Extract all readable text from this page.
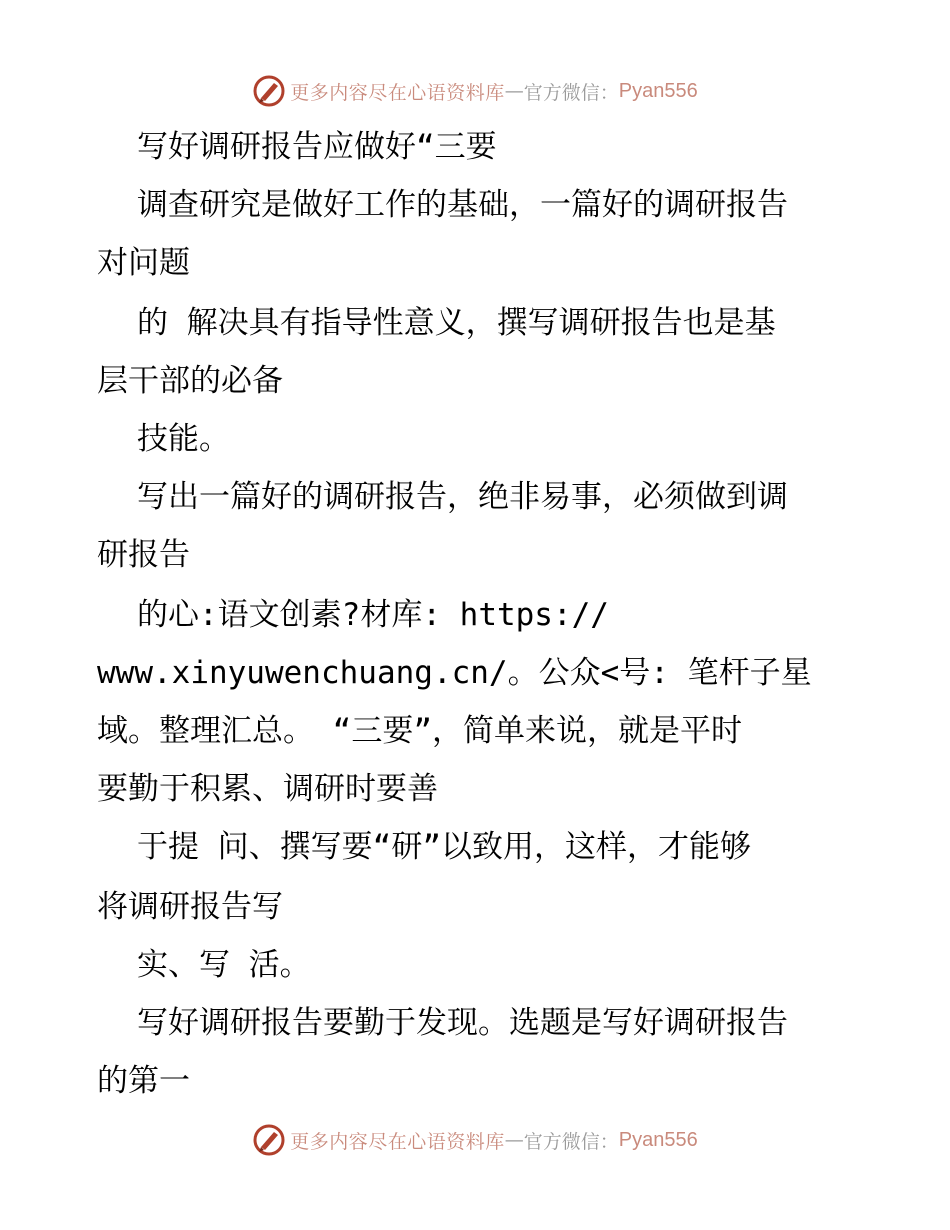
更多内容尽在心语资料库 — 官方微信： Pyan556
写好调研报告应做好“三要
调查研究是做好工作的基础，一篇好的调研报告
对问题
的 解决具有指导性意义，撰写调研报告也是基
层干部的必备
技能。
写出一篇好的调研报告，绝非易事，必须做到调
研报告
的心:语文创素?材库: https://
www.xinyuwenchuang.cn/。公众<号: 笔杆子星
域。整理汇总。 “三要”，简单来说，就是平时
要勤于积累、调研时要善
于提 问、撰写要“研”以致用，这样，才能够
将调研报告写
实、写 活。
写好调研报告要勤于发现。选题是写好调研报告
的第一
更多内容尽在心语资料库 — 官方微信： Pyan556
